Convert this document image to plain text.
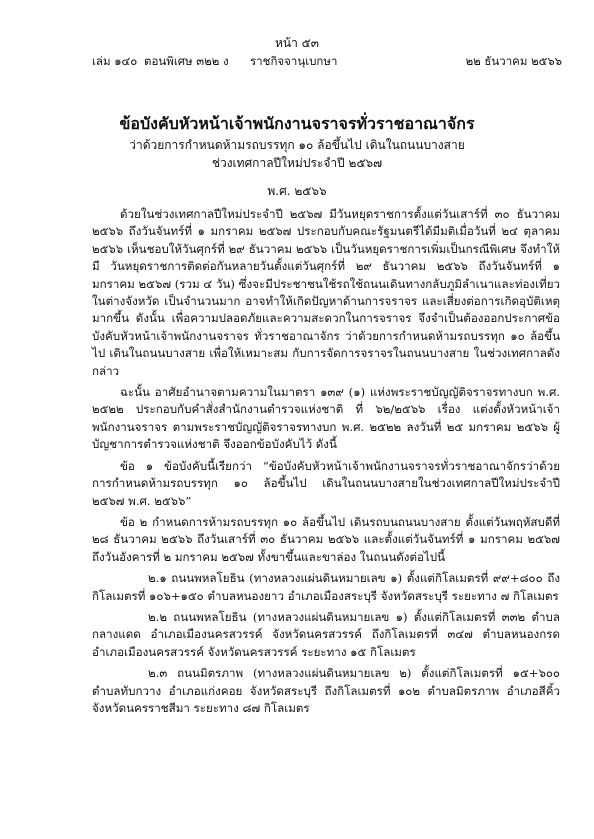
หน้า ๕๓
เล่ม ๑๔๐ ตอนพิเศษ ๓๒๒ ง ราชกิจจานุเบกษา	๒๒ ธันวาคม ๒๕๖๖
ข้อบังคับหัวหน้าเจ้าพนักงานจราจรทั่วราชอาณาจักร
ว่าด้วยการกำหนดห้ามรถบรรทุก ๑๐ ล้อขึ้นไป เดินในถนนบางสาย
ช่วงเทศกาลปีใหม่ประจำปี ๒๕๖๗
พ.ศ. ๒๕๖๖

ด้วยในช่วงเทศกาลปีใหม่ประจำปี ๒๕๖๗ มีวันหยุดราชการตั้งแต่วันเสาร์ที่ ๓๐ ธันวาคม ๒๕๖๖ ถึงวันจันทร์ที่ ๑ มกราคม ๒๕๖๗ ประกอบกับคณะรัฐมนตรีได้มีมติเมื่อวันที่ ๒๔ ตุลาคม ๒๕๖๖ เห็นชอบให้วันศุกร์ที่ ๒๙ ธันวาคม ๒๕๖๖ เป็นวันหยุดราชการเพิ่มเป็นกรณีพิเศษ จึงทำให้มี วันหยุดราชการติดต่อกันหลายวันตั้งแต่วันศุกร์ที่ ๒๙ ธันวาคม ๒๕๖๖ ถึงวันจันทร์ที่ ๑ มกราคม ๒๕๖๗ (รวม ๔ วัน) ซึ่งจะมีประชาชนใช้รถใช้ถนนเดินทางกลับภูมิลำเนาและท่องเที่ยวในต่างจังหวัด เป็นจำนวนมาก อาจทำให้เกิดปัญหาด้านการจราจร และเสี่ยงต่อการเกิดอุบัติเหตุมากขึ้น ดังนั้น เพื่อความปลอดภัยและความสะดวกในการจราจร จึงจำเป็นต้องออกประกาศข้อบังคับหัวหน้าเจ้าพนักงานจราจร ทั่วราชอาณาจักร ว่าด้วยการกำหนดห้ามรถบรรทุก ๑๐ ล้อขึ้นไป เดินในถนนบางสาย เพื่อให้เหมาะสม กับการจัดการจราจรในถนนบางสาย ในช่วงเทศกาลดังกล่าว

ฉะนั้น อาศัยอำนาจตามความในมาตรา ๑๓๙ (๑) แห่งพระราชบัญญัติจราจรทางบก พ.ศ. ๒๕๒๒ ประกอบกับคำสั่งสำนักงานตำรวจแห่งชาติ ที่ ๖๒/๒๕๖๖ เรื่อง แต่งตั้งหัวหน้าเจ้าพนักงานจราจร ตามพระราชบัญญัติจราจรทางบก พ.ศ. ๒๕๒๒ ลงวันที่ ๒๕ มกราคม ๒๕๖๖ ผู้บัญชาการตำรวจแห่งชาติ จึงออกข้อบังคับไว้ ดังนี้

ข้อ ๑ ข้อบังคับนี้เรียกว่า “ข้อบังคับหัวหน้าเจ้าพนักงานจราจรทั่วราชอาณาจักรว่าด้วย การกำหนดห้ามรถบรรทุก ๑๐ ล้อขึ้นไป เดินในถนนบางสายในช่วงเทศกาลปีใหม่ประจำปี ๒๕๖๗ พ.ศ. ๒๕๖๖”

ข้อ ๒ กำหนดการห้ามรถบรรทุก ๑๐ ล้อขึ้นไป เดินรถบนถนนบางสาย ตั้งแต่วันพฤหัสบดีที่ ๒๘ ธันวาคม ๒๕๖๖ ถึงวันเสาร์ที่ ๓๐ ธันวาคม ๒๕๖๖ และตั้งแต่วันจันทร์ที่ ๑ มกราคม ๒๕๖๗ ถึงวันอังคารที่ ๒ มกราคม ๒๕๖๗ ทั้งขาขึ้นและขาล่อง ในถนนดังต่อไปนี้

๒.๑ ถนนพหลโยธิน (ทางหลวงแผ่นดินหมายเลข ๑) ตั้งแต่กิโลเมตรที่ ๙๙+๘๐๐ ถึงกิโลเมตรที่ ๑๐๖+๑๕๐ ตำบลหนองยาว อำเภอเมืองสระบุรี จังหวัดสระบุรี ระยะทาง ๗ กิโลเมตร

๒.๒ ถนนพหลโยธิน (ทางหลวงแผ่นดินหมายเลข ๑) ตั้งแต่กิโลเมตรที่ ๓๓๒ ตำบลกลางแดด อำเภอเมืองนครสวรรค์ จังหวัดนครสวรรค์ ถึงกิโลเมตรที่ ๓๔๗ ตำบลหนองกรด อำเภอเมืองนครสวรรค์ จังหวัดนครสวรรค์ ระยะทาง ๑๕ กิโลเมตร

๒.๓ ถนนมิตรภาพ (ทางหลวงแผ่นดินหมายเลข ๒) ตั้งแต่กิโลเมตรที่ ๑๕+๖๐๐ ตำบลทับกวาง อำเภอแก่งคอย จังหวัดสระบุรี ถึงกิโลเมตรที่ ๑๐๒ ตำบลมิตรภาพ อำเภอสีคิ้ว จังหวัดนครราชสีมา ระยะทาง ๘๗ กิโลเมตร
